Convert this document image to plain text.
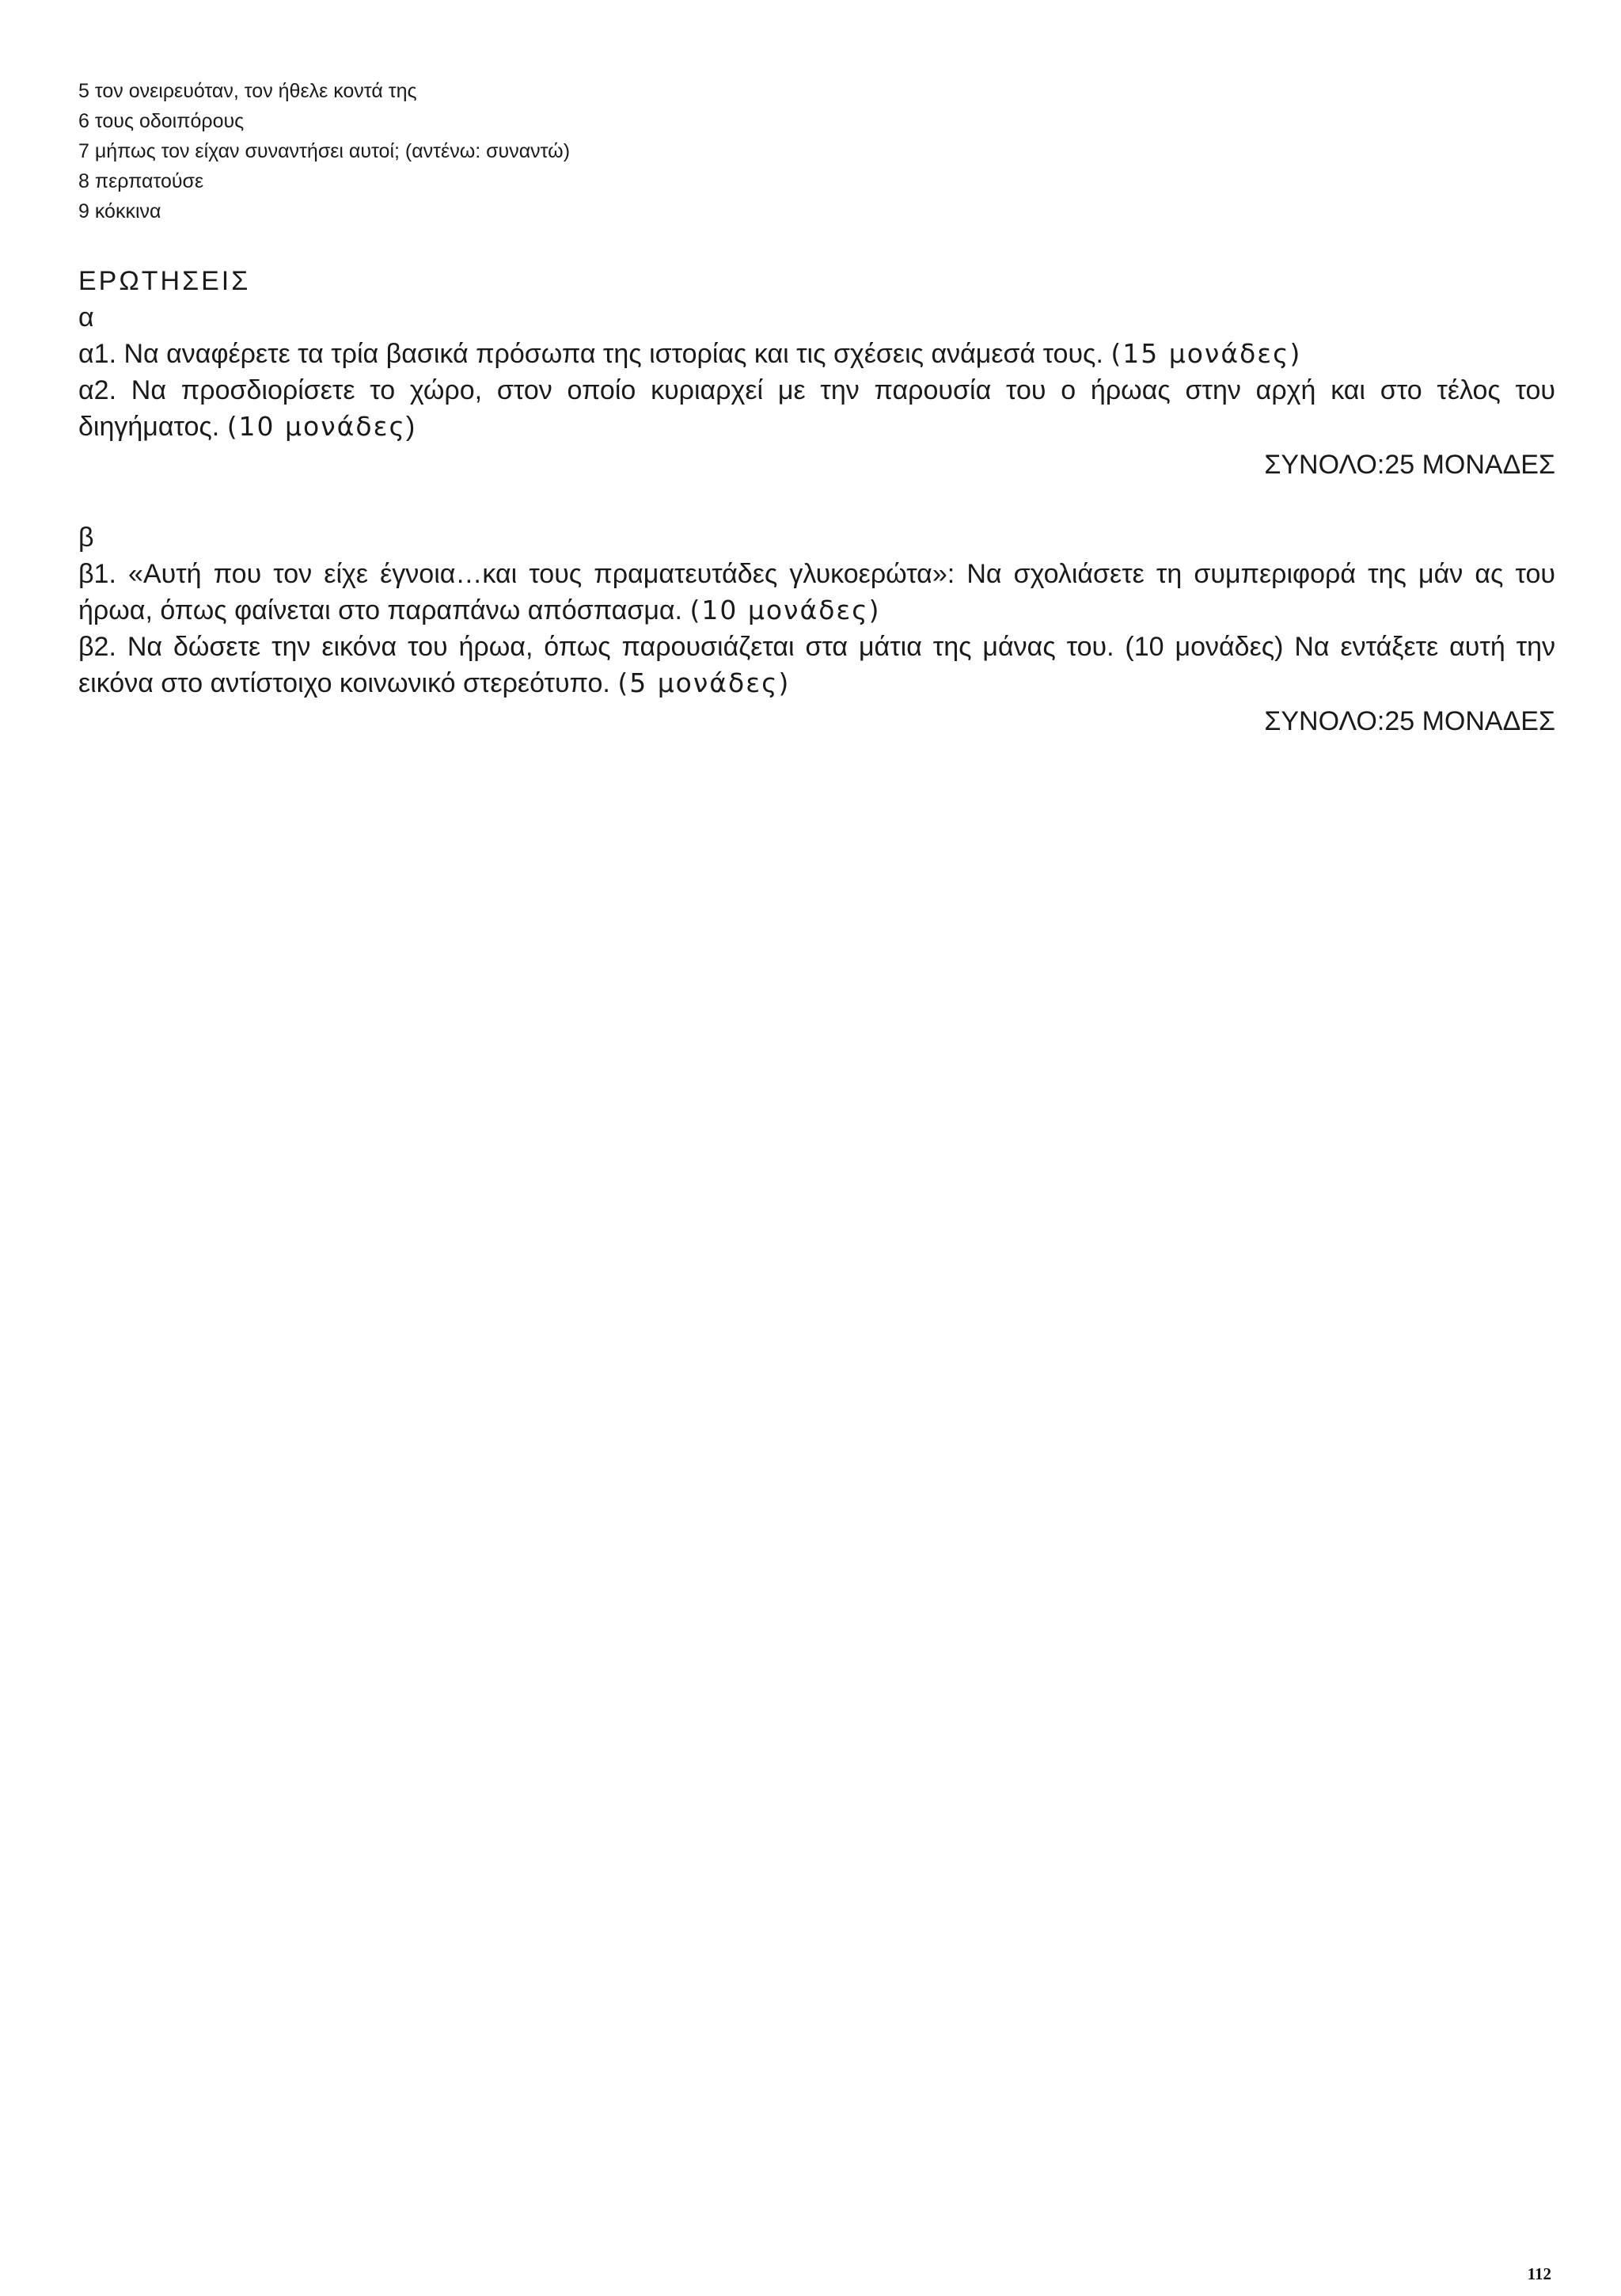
5 τον ονειρευόταν, τον ήθελε κοντά της
6 τους οδοιπόρους
7 μήπως τον είχαν συναντήσει αυτοί; (αντένω: συναντώ)
8 περπατούσε
9 κόκκινα
ΕΡΩΤΗΣΕΙΣ
α
α1. Να αναφέρετε τα τρία βασικά πρόσωπα της ιστορίας και τις σχέσεις ανάμεσά τους. (15 μονάδες)
α2. Να προσδιορίσετε το χώρο, στον οποίο κυριαρχεί με την παρουσία του ο ήρωας στην αρχή και στο τέλος του διηγήματος. (10 μονάδες)
ΣΥΝΟΛΟ:25 ΜΟΝΑΔΕΣ
β
β1. «Αυτή που τον είχε έγνοια…και τους πραματευτάδες γλυκοερώτα»: Να σχολιάσετε τη συμπεριφορά της μάν ας του ήρωα, όπως φαίνεται στο παραπάνω απόσπασμα. (10 μονάδες)
β2. Να δώσετε την εικόνα του ήρωα, όπως παρουσιάζεται στα μάτια της μάνας του. (10 μονάδες) Να εντάξετε αυτή την εικόνα στο αντίστοιχο κοινωνικό στερεότυπο. (5 μονάδες)
ΣΥΝΟΛΟ:25 ΜΟΝΑΔΕΣ
112
